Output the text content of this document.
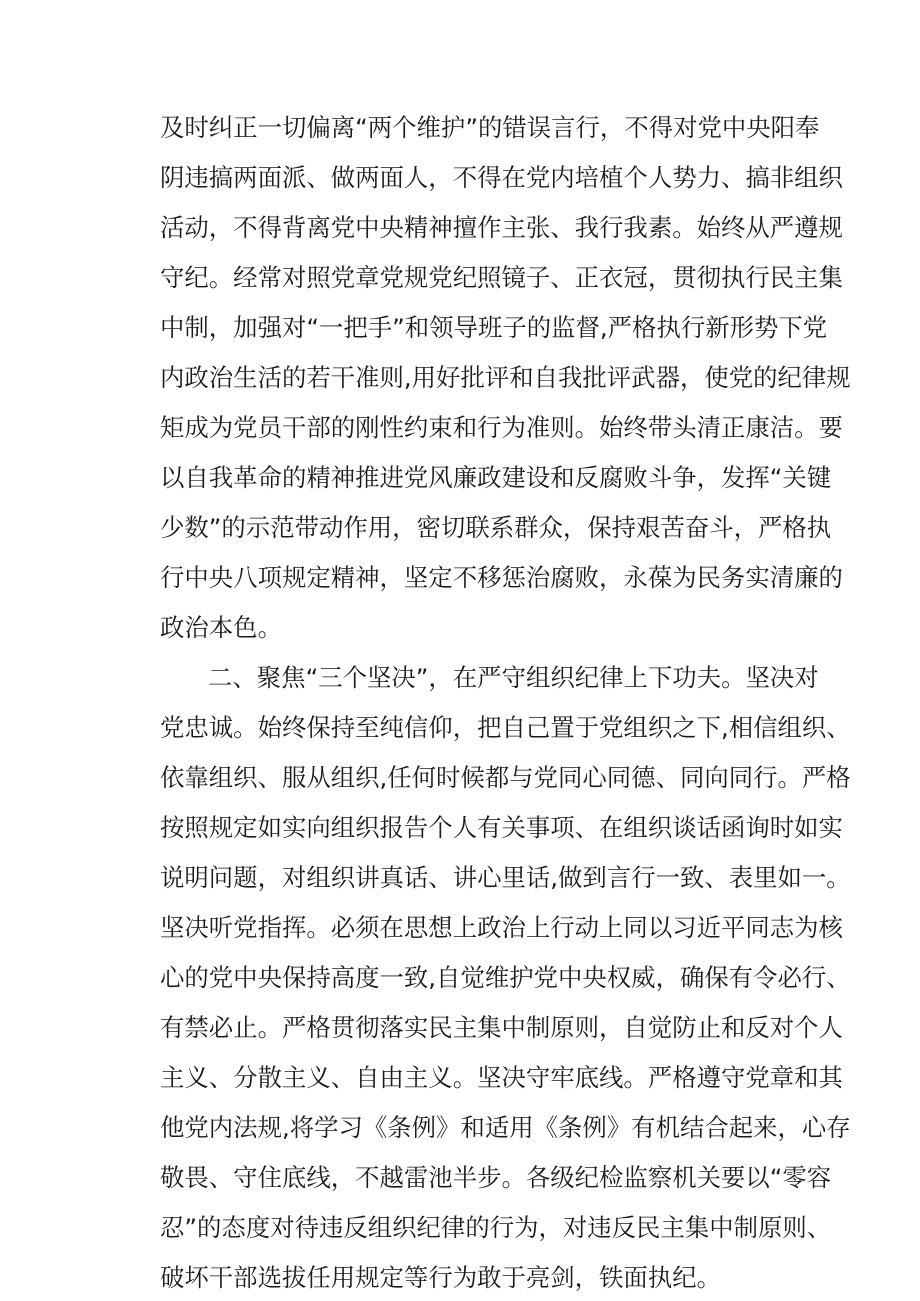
及时纠正一切偏离“两个维护”的错误言行，不得对党中央阳奉
阴违搞两面派、做两面人，不得在党内培植个人势力、搞非组织
活动，不得背离党中央精神擅作主张、我行我素。始终从严遵规
守纪。经常对照党章党规党纪照镜子、正衣冠，贯彻执行民主集
中制，加强对“一把手”和领导班子的监督,严格执行新形势下党
内政治生活的若干准则,用好批评和自我批评武器，使党的纪律规
矩成为党员干部的刚性约束和行为准则。始终带头清正康洁。要
以自我革命的精神推进党风廉政建设和反腐败斗争，发挥“关键
少数”的示范带动作用，密切联系群众，保持艰苦奋斗，严格执
行中央八项规定精神，坚定不移惩治腐败，永葆为民务实清廉的
政治本色。
二、聚焦“三个坚决”，在严守组织纪律上下功夫。坚决对
党忠诚。始终保持至纯信仰，把自己置于党组织之下,相信组织、
依靠组织、服从组织,任何时候都与党同心同德、同向同行。严格
按照规定如实向组织报告个人有关事项、在组织谈话函询时如实
说明问题，对组织讲真话、讲心里话,做到言行一致、表里如一。
坚决听党指挥。必须在思想上政治上行动上同以习近平同志为核
心的党中央保持高度一致,自觉维护党中央权威，确保有令必行、
有禁必止。严格贯彻落实民主集中制原则，自觉防止和反对个人
主义、分散主义、自由主义。坚决守牢底线。严格遵守党章和其
他党内法规,将学习《条例》和适用《条例》有机结合起来，心存
敬畏、守住底线，不越雷池半步。各级纪检监察机关要以“零容
忍”的态度对待违反组织纪律的行为，对违反民主集中制原则、
破坏干部选拔任用规定等行为敢于亮剑，铁面执纪。
